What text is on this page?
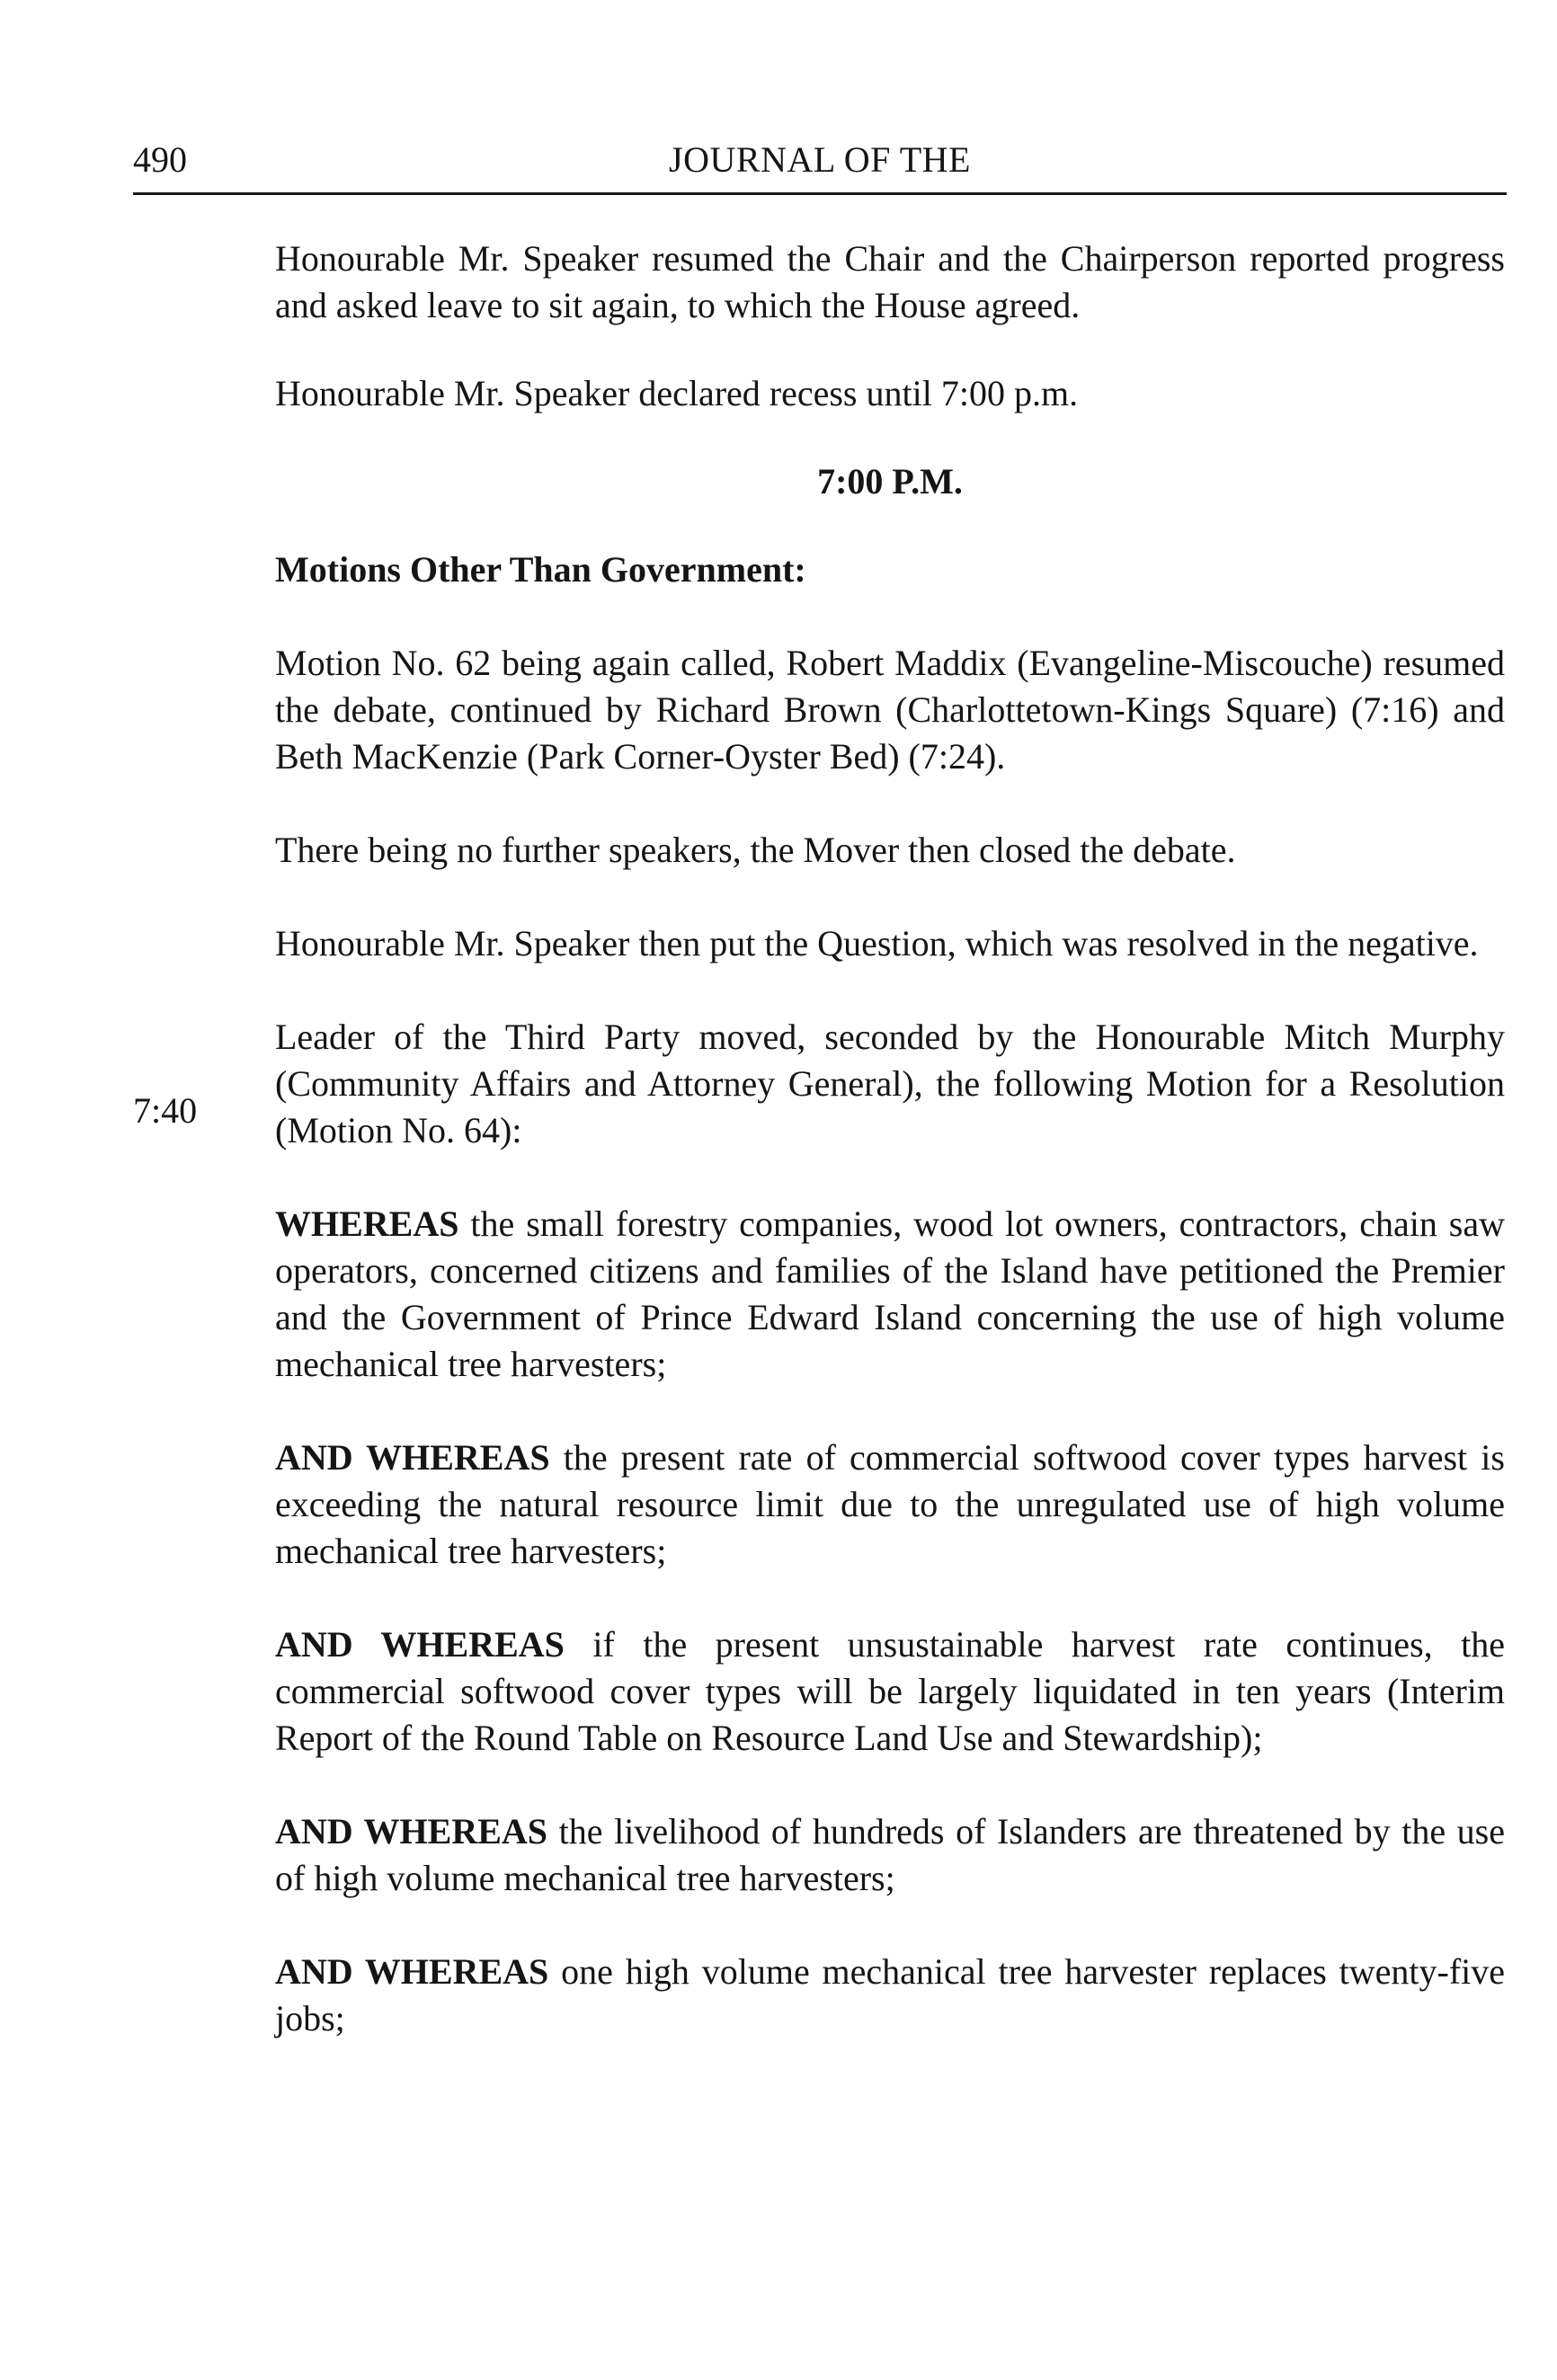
490	JOURNAL OF THE
7:40

Honourable Mr. Speaker resumed the Chair and the Chairperson reported progress and asked leave to sit again, to which the House agreed.

Honourable Mr. Speaker declared recess until 7:00 p.m.

7:00 P.M.

Motions Other Than Government:

Motion No. 62 being again called, Robert Maddix (Evangeline-Miscouche) resumed the debate, continued by Richard Brown (Charlottetown-Kings Square) (7:16) and Beth MacKenzie (Park Corner-Oyster Bed) (7:24).

There being no further speakers, the Mover then closed the debate.

Honourable Mr. Speaker then put the Question, which was resolved in the negative.

Leader of the Third Party moved, seconded by the Honourable Mitch Murphy (Community Affairs and Attorney General), the following Motion for a Resolution (Motion No. 64):

WHEREAS the small forestry companies, wood lot owners, contractors, chain saw operators, concerned citizens and families of the Island have petitioned the Premier and the Government of Prince Edward Island concerning the use of high volume mechanical tree harvesters;

AND WHEREAS the present rate of commercial softwood cover types harvest is exceeding the natural resource limit due to the unregulated use of high volume mechanical tree harvesters;

AND WHEREAS if the present unsustainable harvest rate continues, the commercial softwood cover types will be largely liquidated in ten years (Interim Report of the Round Table on Resource Land Use and Stewardship);

AND WHEREAS the livelihood of hundreds of Islanders are threatened by the use of high volume mechanical tree harvesters;

AND WHEREAS one high volume mechanical tree harvester replaces twenty-five jobs;
